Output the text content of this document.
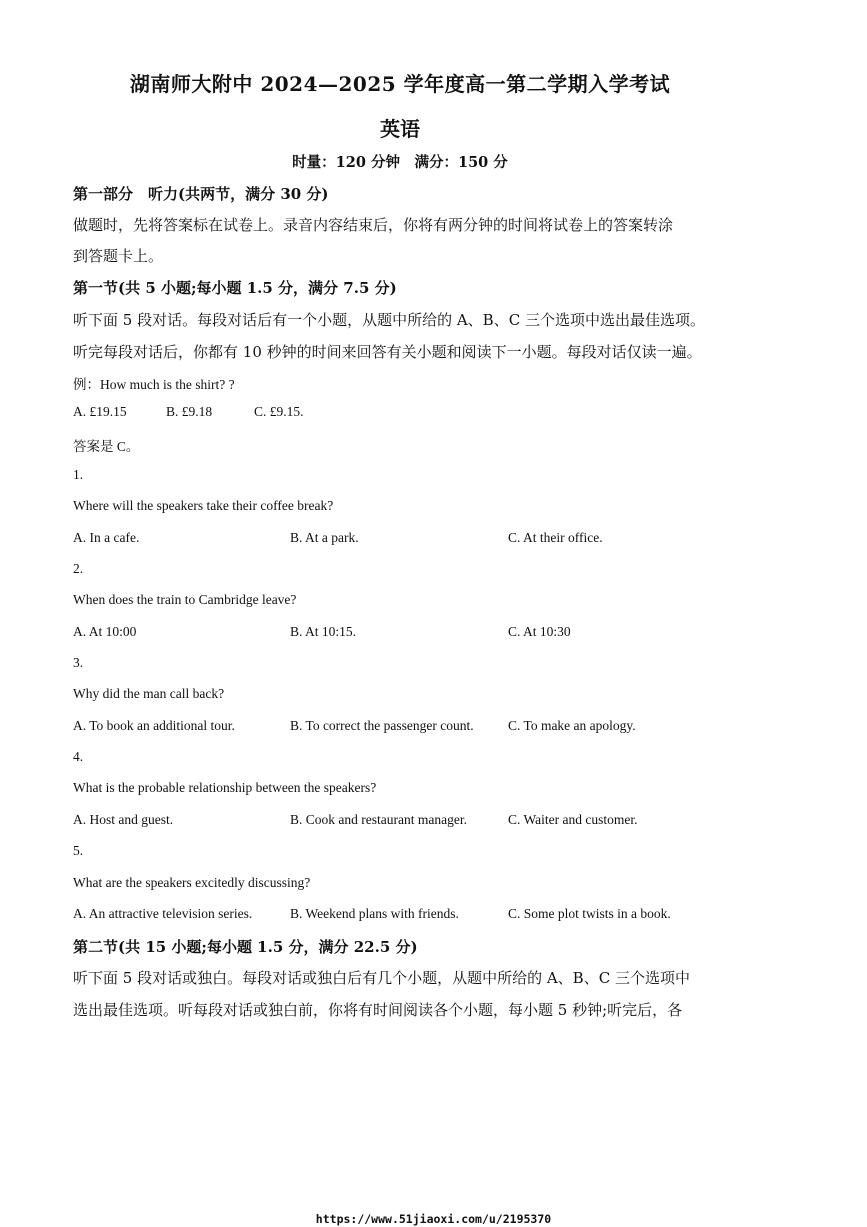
湖南师大附中 2024—2025 学年度高一第二学期入学考试
英语
时量：120 分钟　满分：150 分
第一部分　听力(共两节，满分 30 分)
做题时，先将答案标在试卷上。录音内容结束后，你将有两分钟的时间将试卷上的答案转涂
到答题卡上。
第一节(共 5 小题;每小题 1.5 分，满分 7.5 分)
听下面 5 段对话。每段对话后有一个小题，从题中所给的 A、B、C 三个选项中选出最佳选项。
听完每段对话后，你都有 10 秒钟的时间来回答有关小题和阅读下一小题。每段对话仅读一遍。
例：How much is the shirt? ?
A. £19.15	B. £9.18	C. £9.15.
答案是 C。
1.
Where will the speakers take their coffee break?
A. In a cafe.	B. At a park.	C. At their office.
2.
When does the train to Cambridge leave?
A. At 10:00	B. At 10:15.	C. At 10:30
3.
Why did the man call back?
A. To book an additional tour.	B. To correct the passenger count.	C. To make an apology.
4.
What is the probable relationship between the speakers?
A. Host and guest.	B. Cook and restaurant manager.	C. Waiter and customer.
5.
What are the speakers excitedly discussing?
A. An attractive television series.	B. Weekend plans with friends.	C. Some plot twists in a book.
第二节(共 15 小题;每小题 1.5 分，满分 22.5 分)
听下面 5 段对话或独白。每段对话或独白后有几个小题，从题中所给的 A、B、C 三个选项中
选出最佳选项。听每段对话或独白前，你将有时间阅读各个小题，每小题 5 秒钟;听完后，各
https://www.51jiaoxi.com/u/2195370
